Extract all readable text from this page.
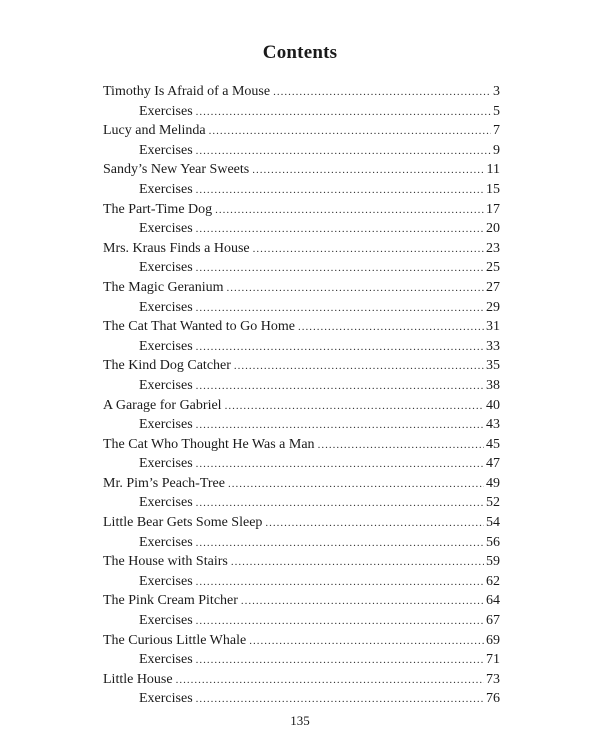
Contents
Timothy Is Afraid of a Mouse .....	3
Exercises .....	5
Lucy and Melinda .....	7
Exercises .....	9
Sandy’s New Year Sweets .....	11
Exercises .....	15
The Part-Time Dog .....	17
Exercises .....	20
Mrs. Kraus Finds a House .....	23
Exercises .....	25
The Magic Geranium .....	27
Exercises .....	29
The Cat That Wanted to Go Home .....	31
Exercises .....	33
The Kind Dog Catcher .....	35
Exercises .....	38
A Garage for Gabriel .....	40
Exercises .....	43
The Cat Who Thought He Was a Man .....	45
Exercises .....	47
Mr. Pim’s Peach-Tree .....	49
Exercises .....	52
Little Bear Gets Some Sleep .....	54
Exercises .....	56
The House with Stairs .....	59
Exercises .....	62
The Pink Cream Pitcher .....	64
Exercises .....	67
The Curious Little Whale .....	69
Exercises .....	71
Little House .....	73
Exercises .....	76
135
